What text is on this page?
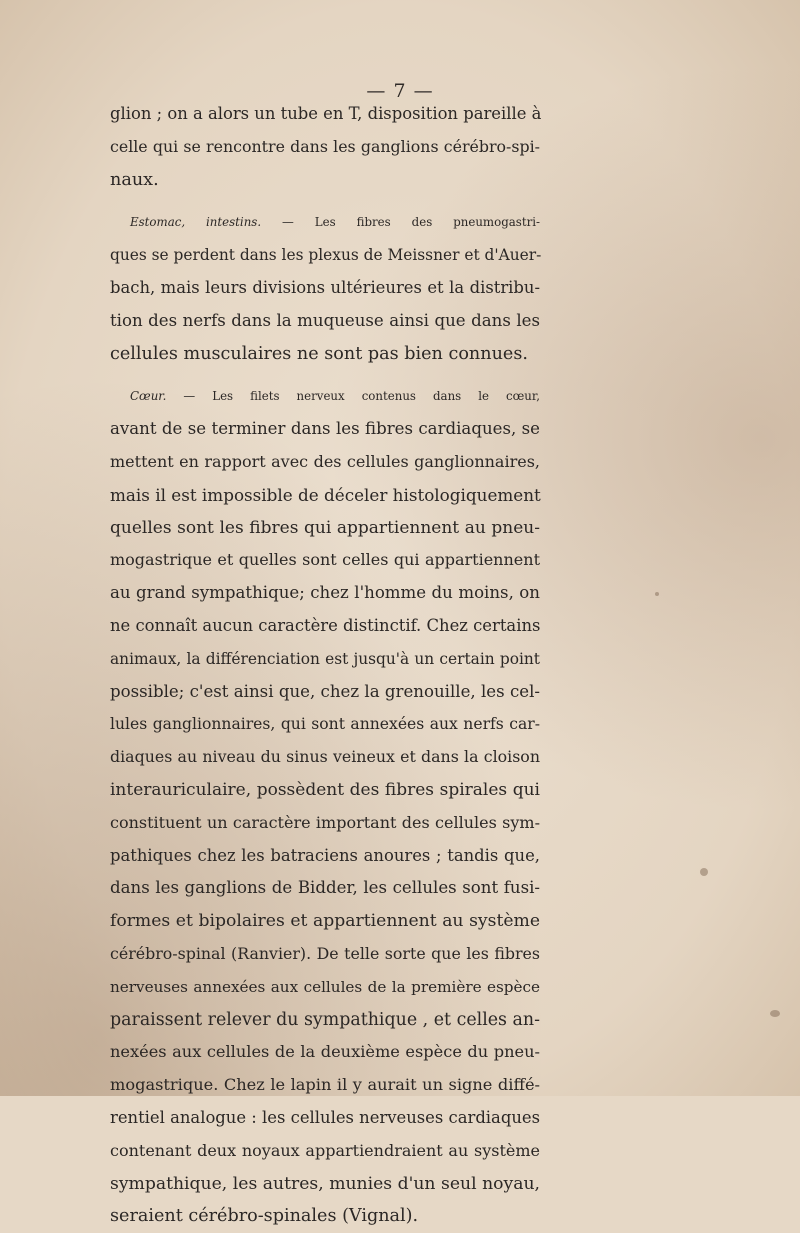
— 7 —

glion ; on a alors un tube en T, disposition pareille à
celle qui se rencontre dans les ganglions cérébro-spi-
naux.

Estomac, intestins. — Les fibres des pneumogastri-
ques se perdent dans les plexus de Meissner et d'Auer-
bach, mais leurs divisions ultérieures et la distribu-
tion des nerfs dans la muqueuse ainsi que dans les
cellules musculaires ne sont pas bien connues.

Cœur. — Les filets nerveux contenus dans le cœur,
avant de se terminer dans les fibres cardiaques, se
mettent en rapport avec des cellules ganglionnaires,
mais il est impossible de déceler histologiquement
quelles sont les fibres qui appartiennent au pneu-
mogastrique et quelles sont celles qui appartiennent
au grand sympathique; chez l'homme du moins, on
ne connaît aucun caractère distinctif. Chez certains
animaux, la différenciation est jusqu'à un certain point
possible; c'est ainsi que, chez la grenouille, les cel-
lules ganglionnaires, qui sont annexées aux nerfs car-
diaques au niveau du sinus veineux et dans la cloison
interauriculaire, possèdent des fibres spirales qui
constituent un caractère important des cellules sym-
pathiques chez les batraciens anoures ; tandis que,
dans les ganglions de Bidder, les cellules sont fusi-
formes et bipolaires et appartiennent au système
cérébro-spinal (Ranvier). De telle sorte que les fibres
nerveuses annexées aux cellules de la première espèce
paraissent relever du sympathique , et celles an-
nexées aux cellules de la deuxième espèce du pneu-
mogastrique. Chez le lapin il y aurait un signe diffé-
rentiel analogue : les cellules nerveuses cardiaques
contenant deux noyaux appartiendraient au système
sympathique, les autres, munies d'un seul noyau,
seraient cérébro-spinales (Vignal).
